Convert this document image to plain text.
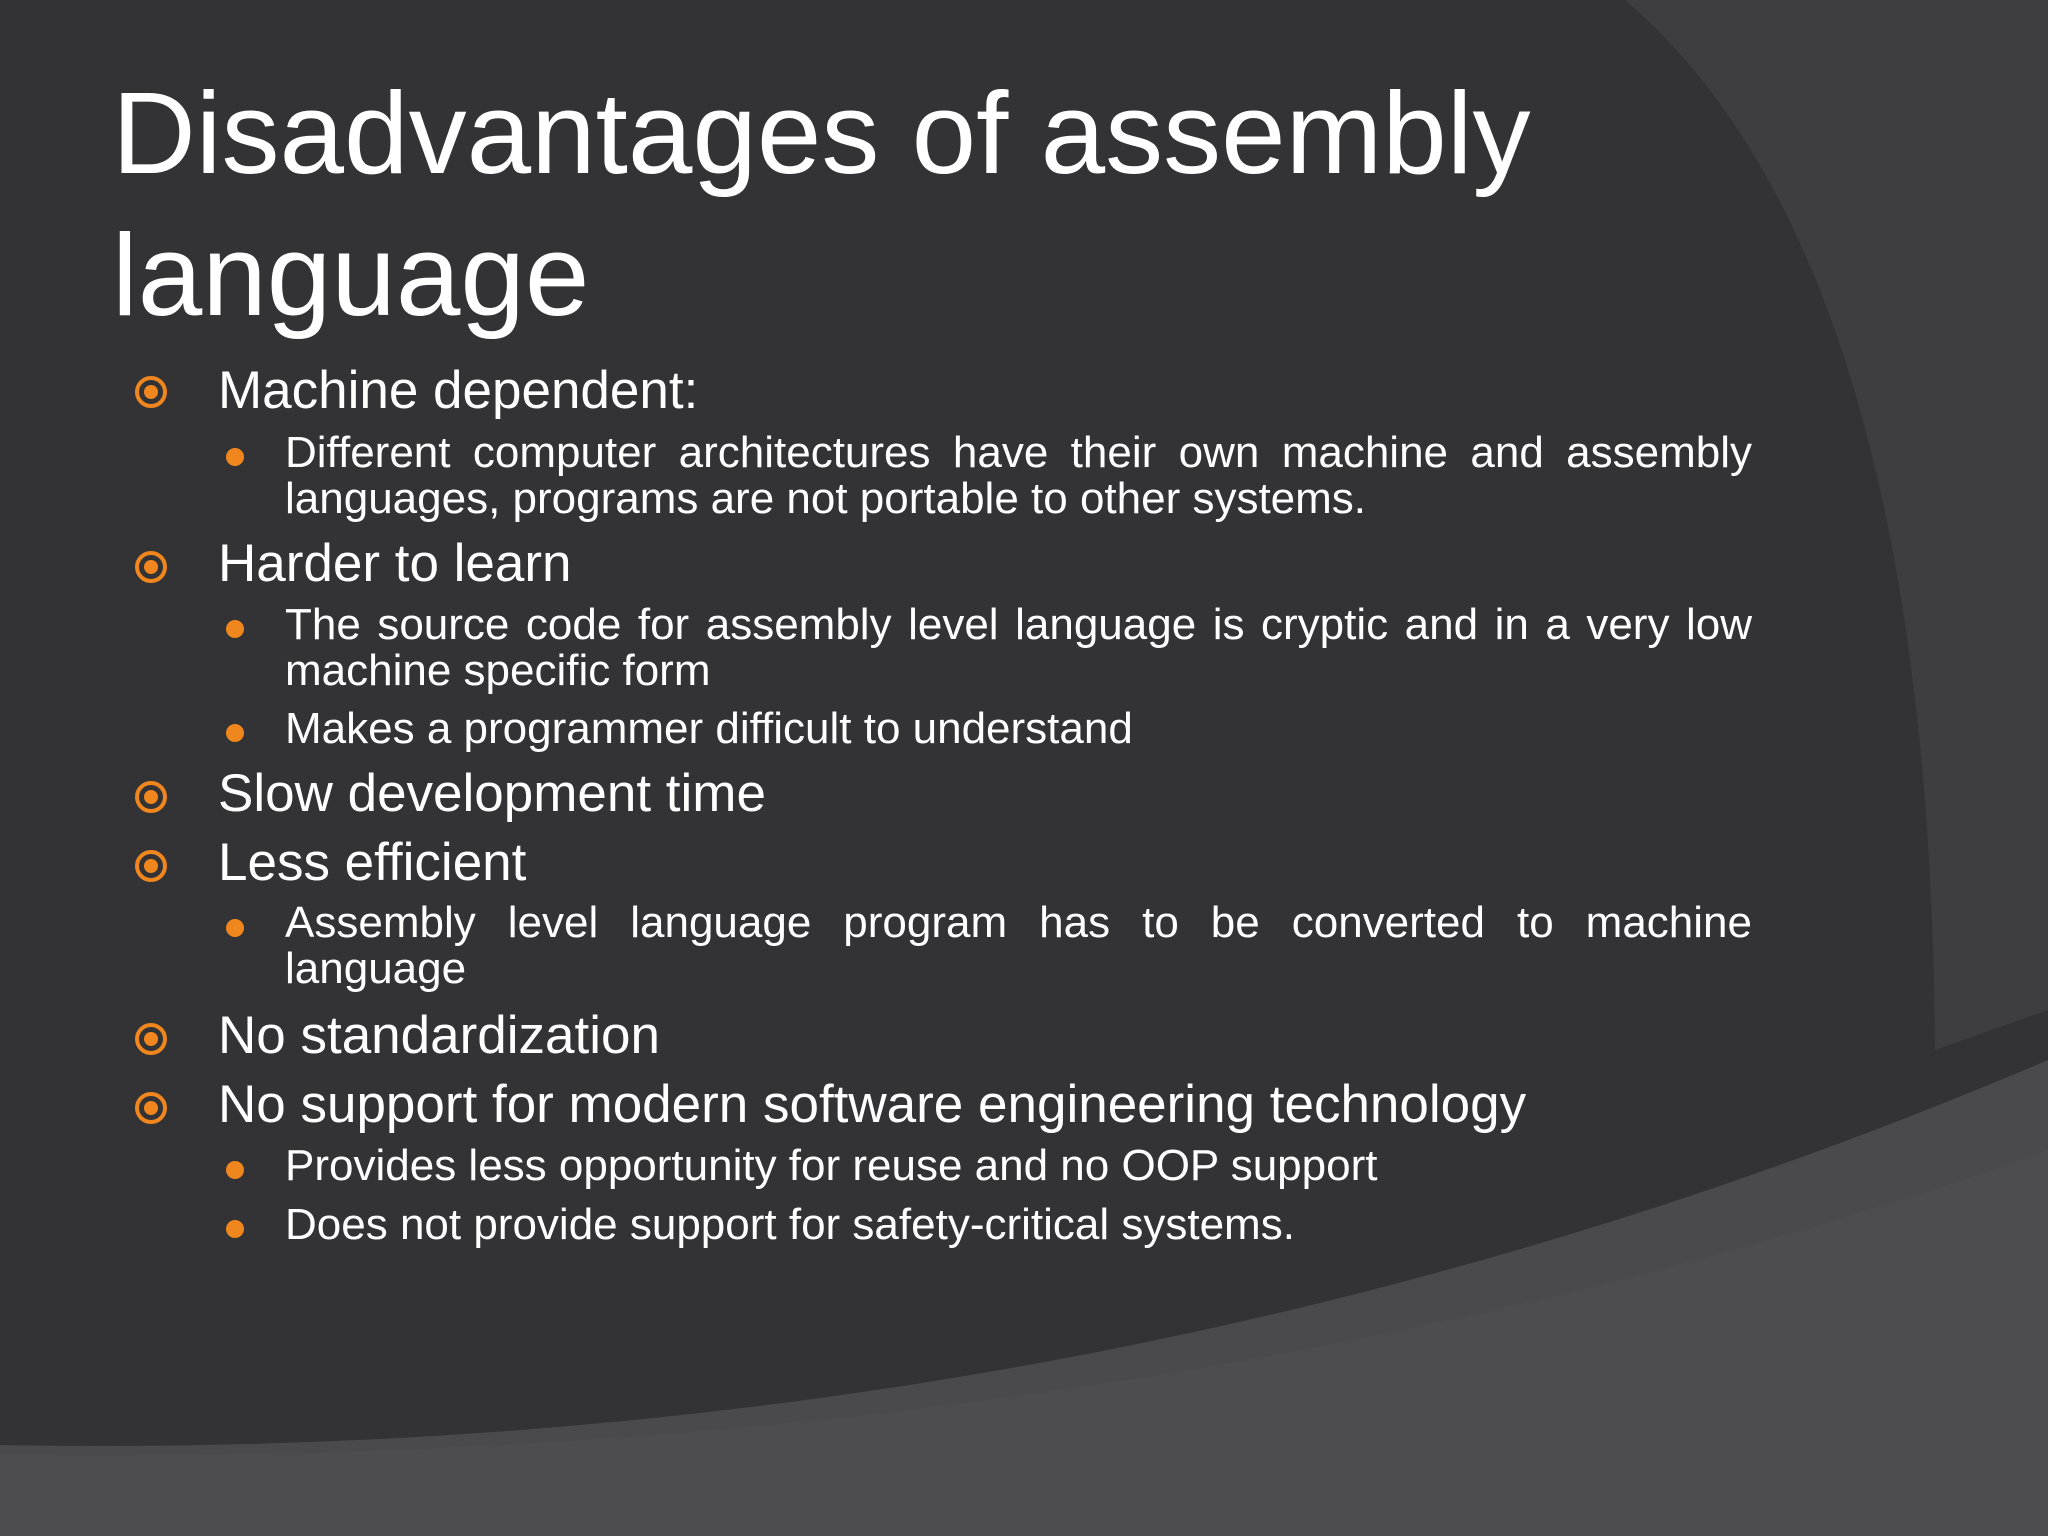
Disadvantages of assembly language
Machine dependent:
Different computer architectures have their own machine and assembly languages, programs are not portable to other systems.
Harder to learn
The source code for assembly level language is cryptic and in a very low machine specific form
Makes a programmer difficult to understand
Slow development time
Less efficient
Assembly level language program has to be converted to machine language
No standardization
No support for modern software engineering technology
Provides less opportunity for reuse and no OOP support
Does not provide support for safety-critical systems.
